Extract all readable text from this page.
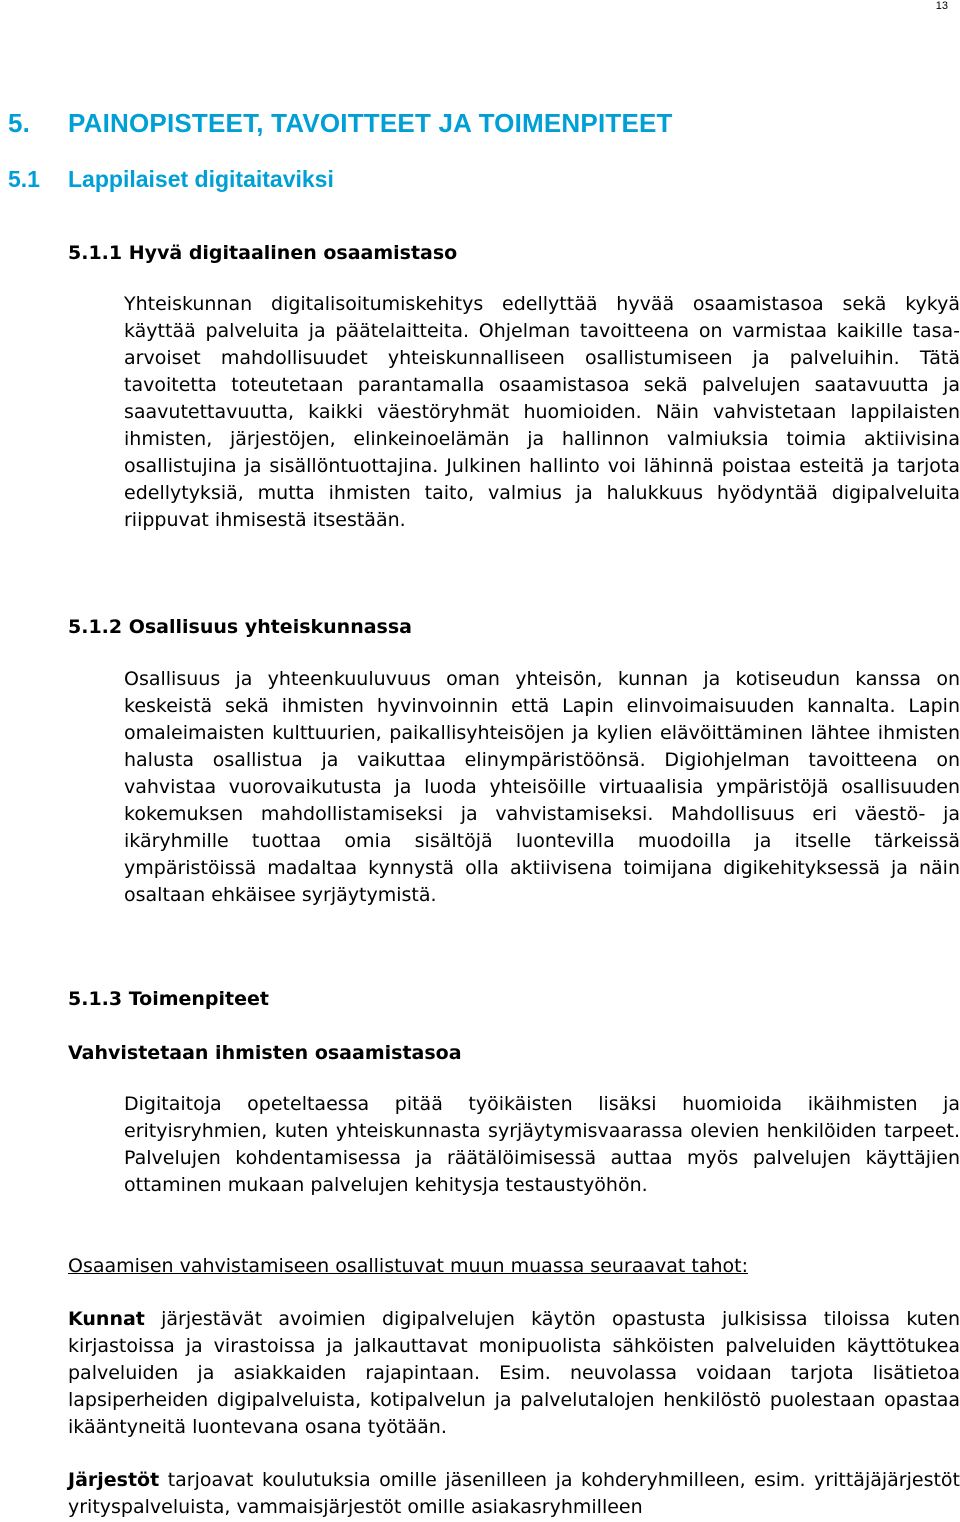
13
5. PAINOPISTEET, TAVOITTEET JA TOIMENPITEET
5.1 Lappilaiset digitaitaviksi
5.1.1 Hyvä digitaalinen osaamistaso

Yhteiskunnan digitalisoitumiskehitys edellyttää hyvää osaamistasoa sekä kykyä käyttää palveluita ja päätelaitteita. Ohjelman tavoitteena on varmistaa kaikille tasa-arvoiset mahdollisuudet yhteiskunnalliseen osallistumiseen ja palveluihin. Tätä tavoitetta toteutetaan parantamalla osaamistasoa sekä palvelujen saatavuutta ja saavutettavuutta, kaikki väestöryhmät huomioiden. Näin vahvistetaan lappilaisten ihmisten, järjestöjen, elinkeinoelämän ja hallinnon valmiuksia toimia aktiivisina osallistujina ja sisällöntuottajina. Julkinen hallinto voi lähinnä poistaa esteitä ja tarjota edellytyksiä, mutta ihmisten taito, valmius ja halukkuus hyödyntää digipalveluita riippuvat ihmisestä itsestään.

5.1.2 Osallisuus yhteiskunnassa

Osallisuus ja yhteenkuuluvuus oman yhteisön, kunnan ja kotiseudun kanssa on keskeistä sekä ihmisten hyvinvoinnin että Lapin elinvoimaisuuden kannalta. Lapin omaleimaisten kulttuurien, paikallisyhteisöjen ja kylien elävöittäminen lähtee ihmisten halusta osallistua ja vaikuttaa elinympäristöönsä. Digiohjelman tavoitteena on vahvistaa vuorovaikutusta ja luoda yhteisöille virtuaalisia ympäristöjä osallisuuden kokemuksen mahdollistamiseksi ja vahvistamiseksi. Mahdollisuus eri väestö- ja ikäryhmille tuottaa omia sisältöjä luontevilla muodoilla ja itselle tärkeissä ympäristöissä madaltaa kynnystä olla aktiivisena toimijana digikehityksessä ja näin osaltaan ehkäisee syrjäytymistä.

5.1.3 Toimenpiteet
Vahvistetaan ihmisten osaamistasoa

Digitaitoja opeteltaessa pitää työikäisten lisäksi huomioida ikäihmisten ja erityisryhmien, kuten yhteiskunnasta syrjäytymisvaarassa olevien henkilöiden tarpeet. Palvelujen kohdentamisessa ja räätälöimisessä auttaa myös palvelujen käyttäjien ottaminen mukaan palvelujen kehitysja testaustyöhön.

Osaamisen vahvistamiseen osallistuvat muun muassa seuraavat tahot:

Kunnat järjestävät avoimien digipalvelujen käytön opastusta julkisissa tiloissa kuten kirjastoissa ja virastoissa ja jalkauttavat monipuolista sähköisten palveluiden käyttötukea palveluiden ja asiakkaiden rajapintaan. Esim. neuvolassa voidaan tarjota lisätietoa lapsiperheiden digipalveluista, kotipalvelun ja palvelutalojen henkilöstö puolestaan opastaa ikääntyneitä luontevana osana työtään.

Järjestöt tarjoavat koulutuksia omille jäsenilleen ja kohderyhmilleen, esim. yrittäjäjärjestöt yrityspalveluista, vammaisjärjestöt omille asiakasryhmilleen
